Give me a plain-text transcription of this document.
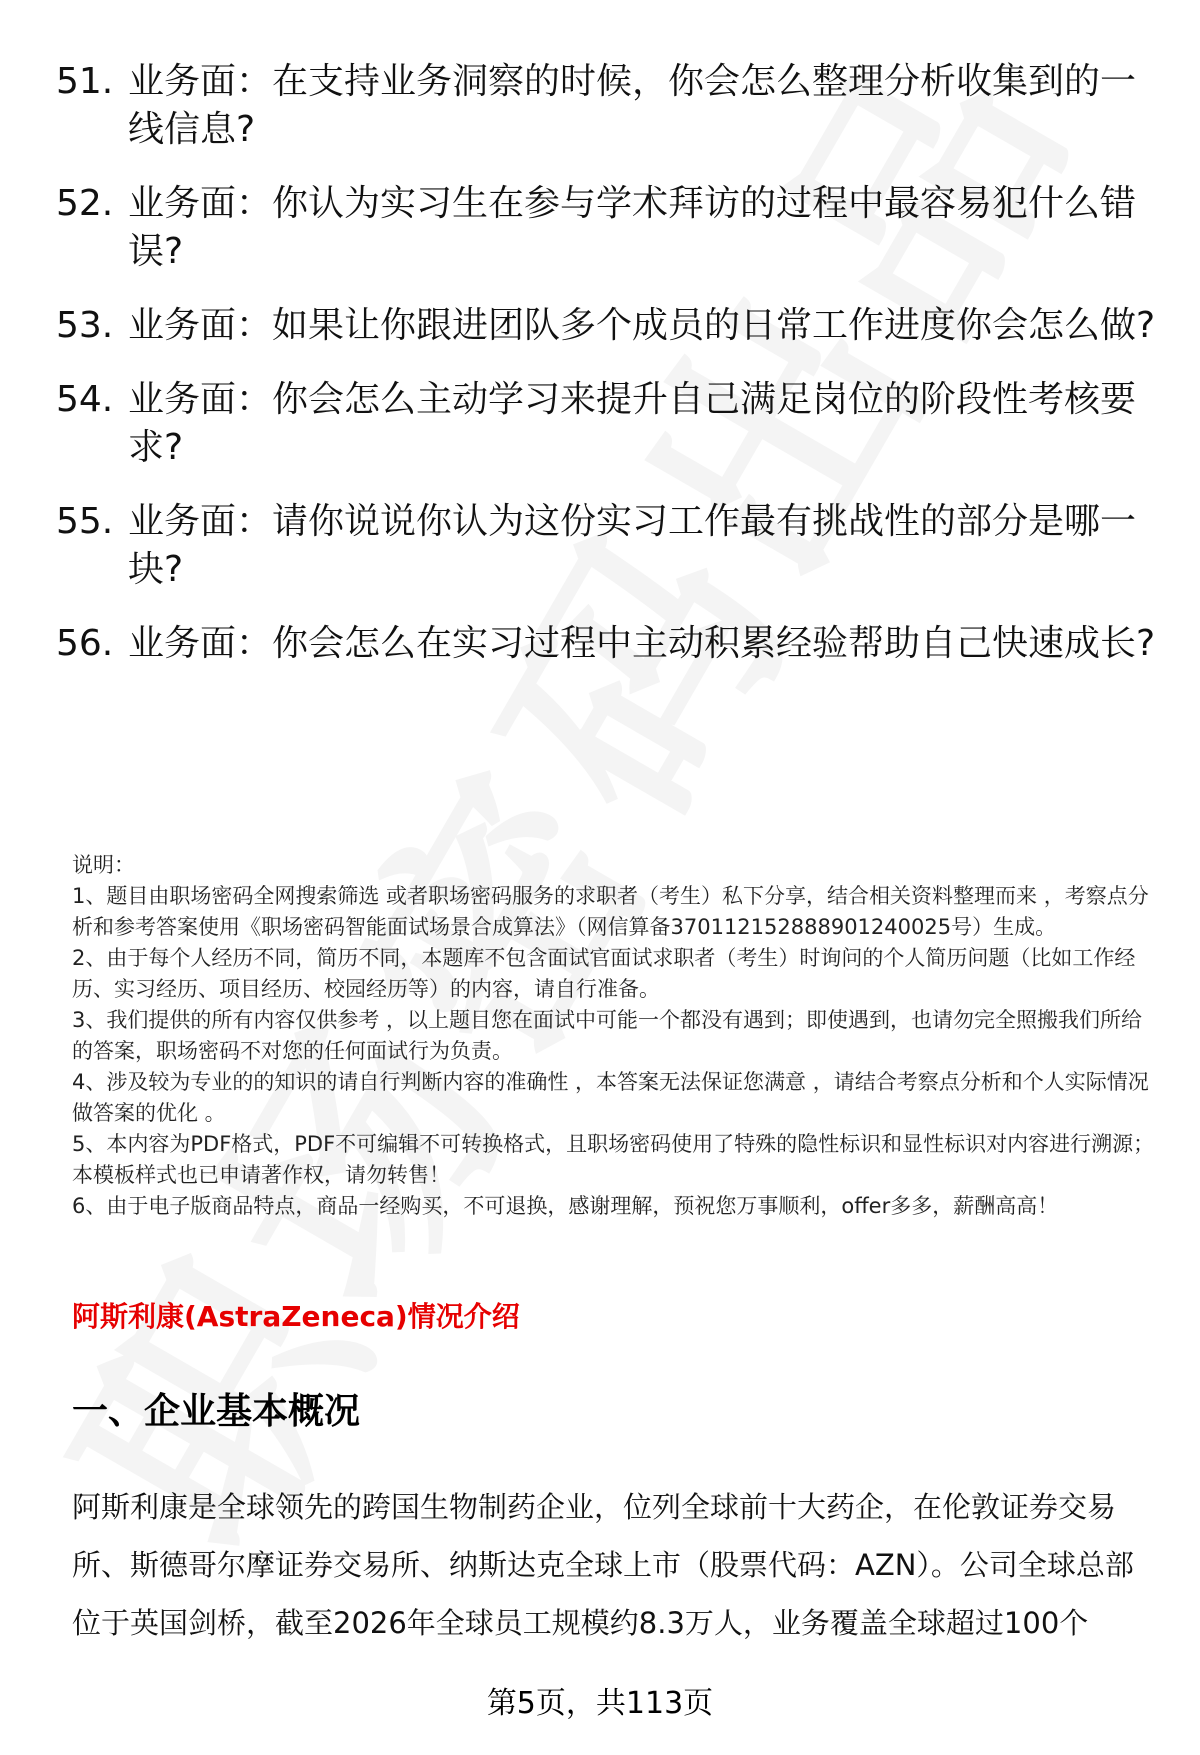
51. 业务面：在支持业务洞察的时候，你会怎么整理分析收集到的一线信息?
52. 业务面：你认为实习生在参与学术拜访的过程中最容易犯什么错误?
53. 业务面：如果让你跟进团队多个成员的日常工作进度你会怎么做?
54. 业务面：你会怎么主动学习来提升自己满足岗位的阶段性考核要求?
55. 业务面：请你说说你认为这份实习工作最有挑战性的部分是哪一块?
56. 业务面：你会怎么在实习过程中主动积累经验帮助自己快速成长?

说明：

1、题目由职场密码全网搜索筛选 或者职场密码服务的求职者（考生）私下分享，结合相关资料整理而来 ，考察点分析和参考答案使用《职场密码智能面试场景合成算法》（网信算备370112152888901240025号）生成。

2、由于每个人经历不同，简历不同，本题库不包含面试官面试求职者（考生）时询问的个人简历问题（比如工作经历、实习经历、项目经历、校园经历等）的内容，请自行准备。

3、我们提供的所有内容仅供参考 ，以上题目您在面试中可能一个都没有遇到；即使遇到，也请勿完全照搬我们所给的答案，职场密码不对您的任何面试行为负责。

4、涉及较为专业的的知识的请自行判断内容的准确性 ，本答案无法保证您满意 ，请结合考察点分析和个人实际情况做答案的优化 。

5、本内容为PDF格式，PDF不可编辑不可转换格式，且职场密码使用了特殊的隐性标识和显性标识对内容进行溯源；本模板样式也已申请著作权，请勿转售！

6、由于电子版商品特点，商品一经购买，不可退换，感谢理解，预祝您万事顺利，offer多多，薪酬高高！

阿斯利康(AstraZeneca)情况介绍
一、企业基本概况
阿斯利康是全球领先的跨国生物制药企业，位列全球前十大药企，在伦敦证券交易所、斯德哥尔摩证券交易所、纳斯达克全球上市（股票代码：AZN）。公司全球总部位于英国剑桥，截至2026年全球员工规模约8.3万人，业务覆盖全球超过100个
第5页，共113页
